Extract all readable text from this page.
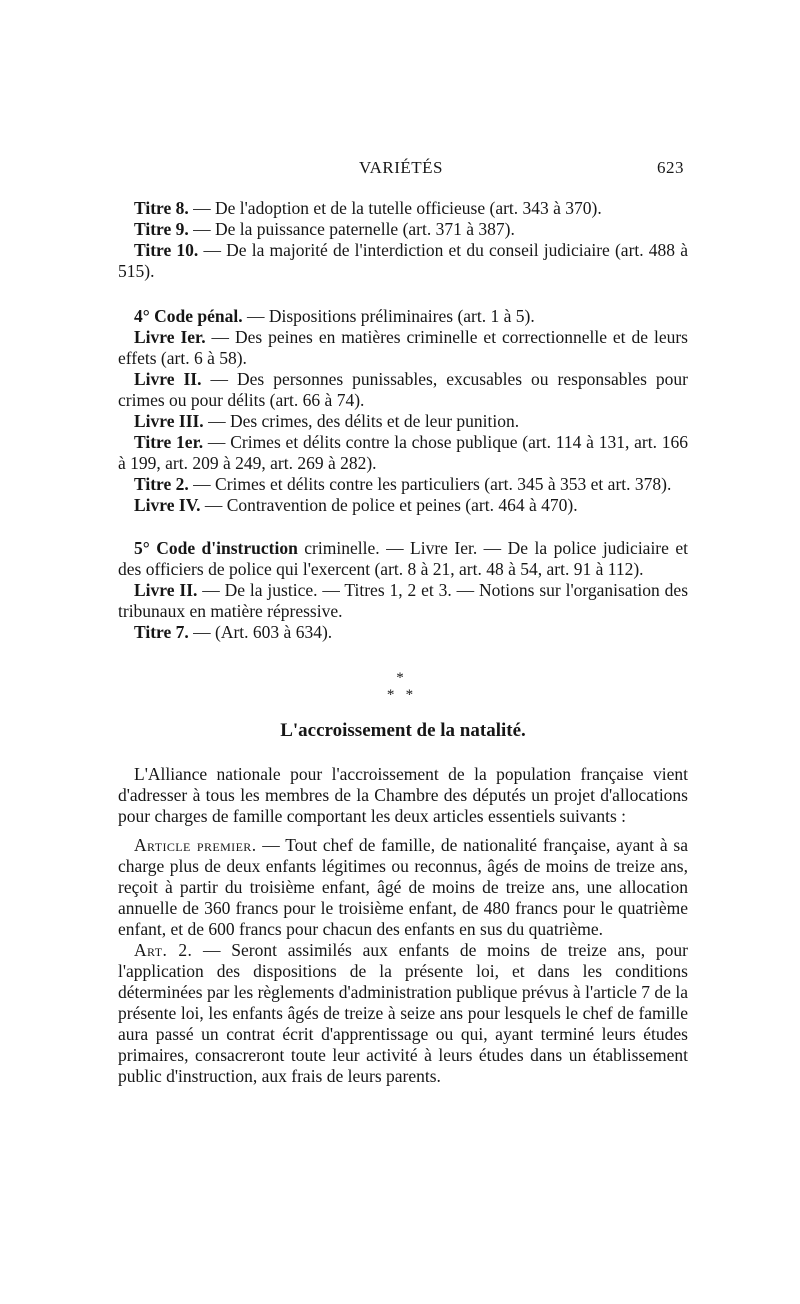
VARIÉTÉS	623

Titre 8. — De l'adoption et de la tutelle officieuse (art. 343 à 370).

Titre 9. — De la puissance paternelle (art. 371 à 387).

Titre 10. — De la majorité de l'interdiction et du conseil judiciaire (art. 488 à 515).

4° Code pénal. — Dispositions préliminaires (art. 1 à 5).

Livre Ier. — Des peines en matières criminelle et correctionnelle et de leurs effets (art. 6 à 58).

Livre II. — Des personnes punissables, excusables ou responsables pour crimes ou pour délits (art. 66 à 74).

Livre III. — Des crimes, des délits et de leur punition.

Titre 1er. — Crimes et délits contre la chose publique (art. 114 à 131, art. 166 à 199, art. 209 à 249, art. 269 à 282).

Titre 2. — Crimes et délits contre les particuliers (art. 345 à 353 et art. 378).

Livre IV. — Contravention de police et peines (art. 464 à 470).

5° Code d'instruction criminelle. — Livre Ier. — De la police judiciaire et des officiers de police qui l'exercent (art. 8 à 21, art. 48 à 54, art. 91 à 112).

Livre II. — De la justice. — Titres 1, 2 et 3. — Notions sur l'organisation des tribunaux en matière répressive.

Titre 7. — (Art. 603 à 634).

*
*   *
L'accroissement de la natalité.

L'Alliance nationale pour l'accroissement de la population française vient d'adresser à tous les membres de la Chambre des députés un projet d'allocations pour charges de famille comportant les deux articles essentiels suivants :

Article premier. — Tout chef de famille, de nationalité française, ayant à sa charge plus de deux enfants légitimes ou reconnus, âgés de moins de treize ans, reçoit à partir du troisième enfant, âgé de moins de treize ans, une allocation annuelle de 360 francs pour le troisième enfant, de 480 francs pour le quatrième enfant, et de 600 francs pour chacun des enfants en sus du quatrième.

Art. 2. — Seront assimilés aux enfants de moins de treize ans, pour l'application des dispositions de la présente loi, et dans les conditions déterminées par les règlements d'administration publique prévus à l'article 7 de la présente loi, les enfants âgés de treize à seize ans pour lesquels le chef de famille aura passé un contrat écrit d'apprentissage ou qui, ayant terminé leurs études primaires, consacreront toute leur activité à leurs études dans un établissement public d'instruction, aux frais de leurs parents.
